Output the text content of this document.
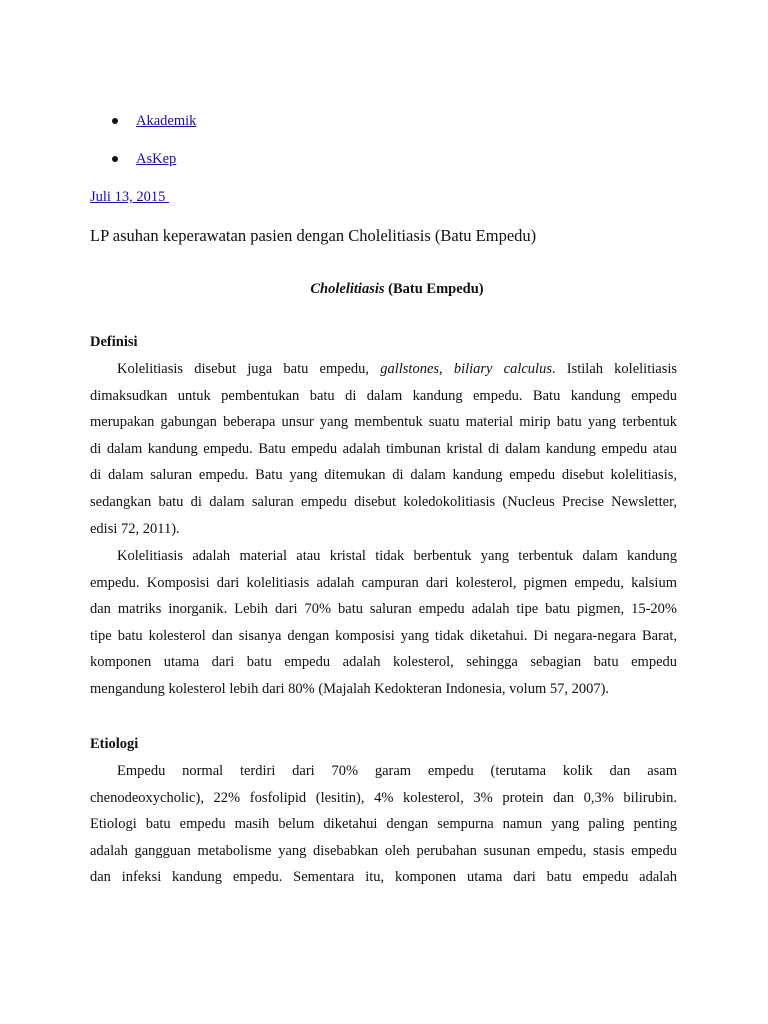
Akademik
AsKep
Juli 13, 2015
LP asuhan keperawatan pasien dengan Cholelitiasis (Batu Empedu)
Cholelitiasis (Batu Empedu)
Definisi
Kolelitiasis disebut juga batu empedu, gallstones, biliary calculus. Istilah kolelitiasis
dimaksudkan untuk pembentukan batu di dalam kandung empedu. Batu kandung empedu
merupakan gabungan beberapa unsur yang membentuk suatu material mirip batu yang terbentuk
di dalam kandung empedu. Batu empedu adalah timbunan kristal di dalam kandung empedu atau
di dalam saluran empedu. Batu yang ditemukan di dalam kandung empedu disebut kolelitiasis,
sedangkan batu di dalam saluran empedu disebut koledokolitiasis (Nucleus Precise Newsletter,
edisi 72, 2011).
Kolelitiasis adalah material atau kristal tidak berbentuk yang terbentuk dalam kandung
empedu. Komposisi dari kolelitiasis adalah campuran dari kolesterol, pigmen empedu, kalsium
dan matriks inorganik. Lebih dari 70% batu saluran empedu adalah tipe batu pigmen, 15-20%
tipe batu kolesterol dan sisanya dengan komposisi yang tidak diketahui. Di negara-negara Barat,
komponen utama dari batu empedu adalah kolesterol, sehingga sebagian batu empedu
mengandung kolesterol lebih dari 80% (Majalah Kedokteran Indonesia, volum 57, 2007).
Etiologi
Empedu normal terdiri dari 70% garam empedu (terutama kolik dan asam
chenodeoxycholic), 22% fosfolipid (lesitin), 4% kolesterol, 3% protein dan 0,3% bilirubin.
Etiologi batu empedu masih belum diketahui dengan sempurna namun yang paling penting
adalah gangguan metabolisme yang disebabkan oleh perubahan susunan empedu, stasis empedu
dan infeksi kandung empedu. Sementara itu, komponen utama dari batu empedu adalah
